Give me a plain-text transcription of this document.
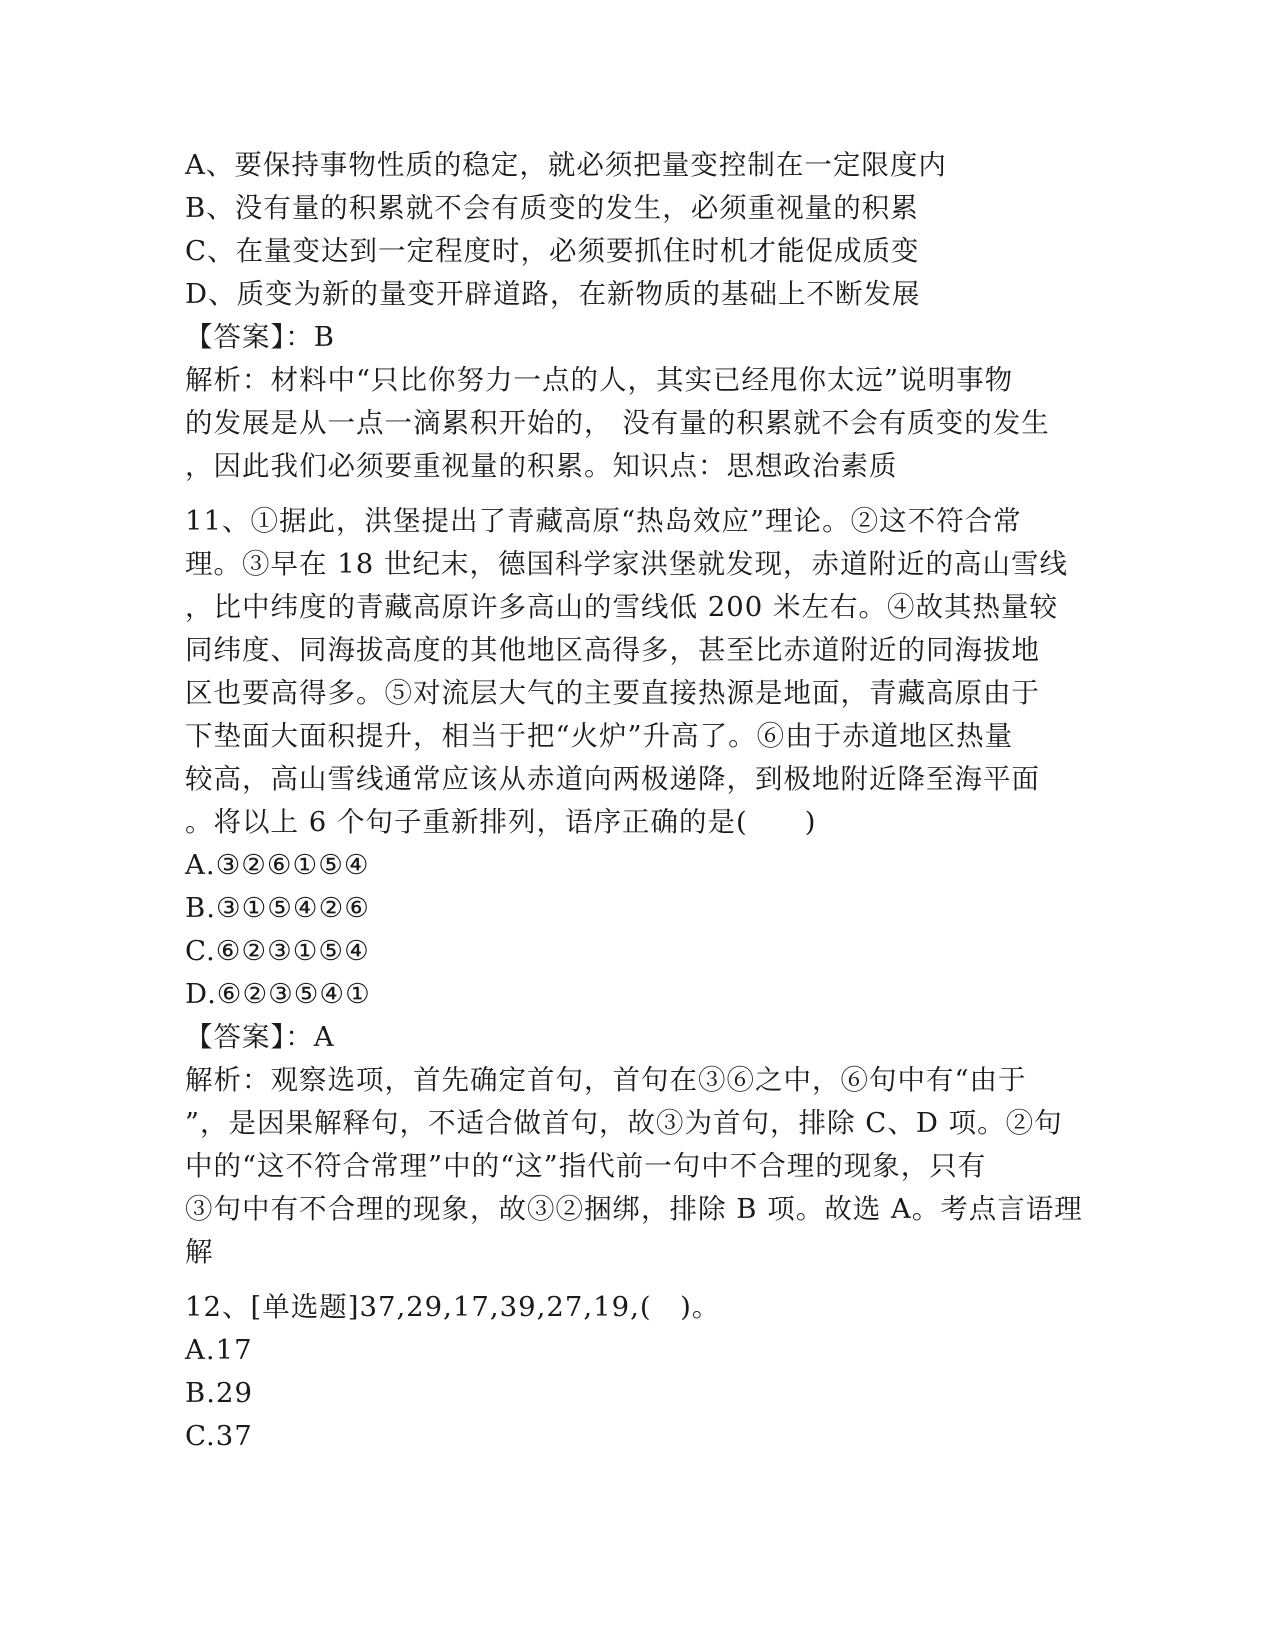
A、要保持事物性质的稳定，就必须把量变控制在一定限度内
B、没有量的积累就不会有质变的发生，必须重视量的积累
C、在量变达到一定程度时，必须要抓住时机才能促成质变
D、质变为新的量变开辟道路，在新物质的基础上不断发展
【答案】：B
解析：材料中“只比你努力一点的人，其实已经甩你太远”说明事物
的发展是从一点一滴累积开始的， 没有量的积累就不会有质变的发生
，因此我们必须要重视量的积累。知识点：思想政治素质
11、①据此，洪堡提出了青藏高原“热岛效应”理论。②这不符合常
理。③早在 18 世纪末，德国科学家洪堡就发现，赤道附近的高山雪线
，比中纬度的青藏高原许多高山的雪线低 200 米左右。④故其热量较
同纬度、同海拔高度的其他地区高得多，甚至比赤道附近的同海拔地
区也要高得多。⑤对流层大气的主要直接热源是地面，青藏高原由于
下垫面大面积提升，相当于把“火炉”升高了。⑥由于赤道地区热量
较高，高山雪线通常应该从赤道向两极递降，到极地附近降至海平面
。将以上 6 个句子重新排列，语序正确的是(　　)
A.③②⑥①⑤④
B.③①⑤④②⑥
C.⑥②③①⑤④
D.⑥②③⑤④①
【答案】：A
解析：观察选项，首先确定首句，首句在③⑥之中，⑥句中有“由于
”，是因果解释句，不适合做首句，故③为首句，排除 C、D 项。②句
中的“这不符合常理”中的“这”指代前一句中不合理的现象，只有
③句中有不合理的现象，故③②捆绑，排除 B 项。故选 A。考点言语理
解
12、[单选题]37,29,17,39,27,19,(　)。
A.17
B.29
C.37
